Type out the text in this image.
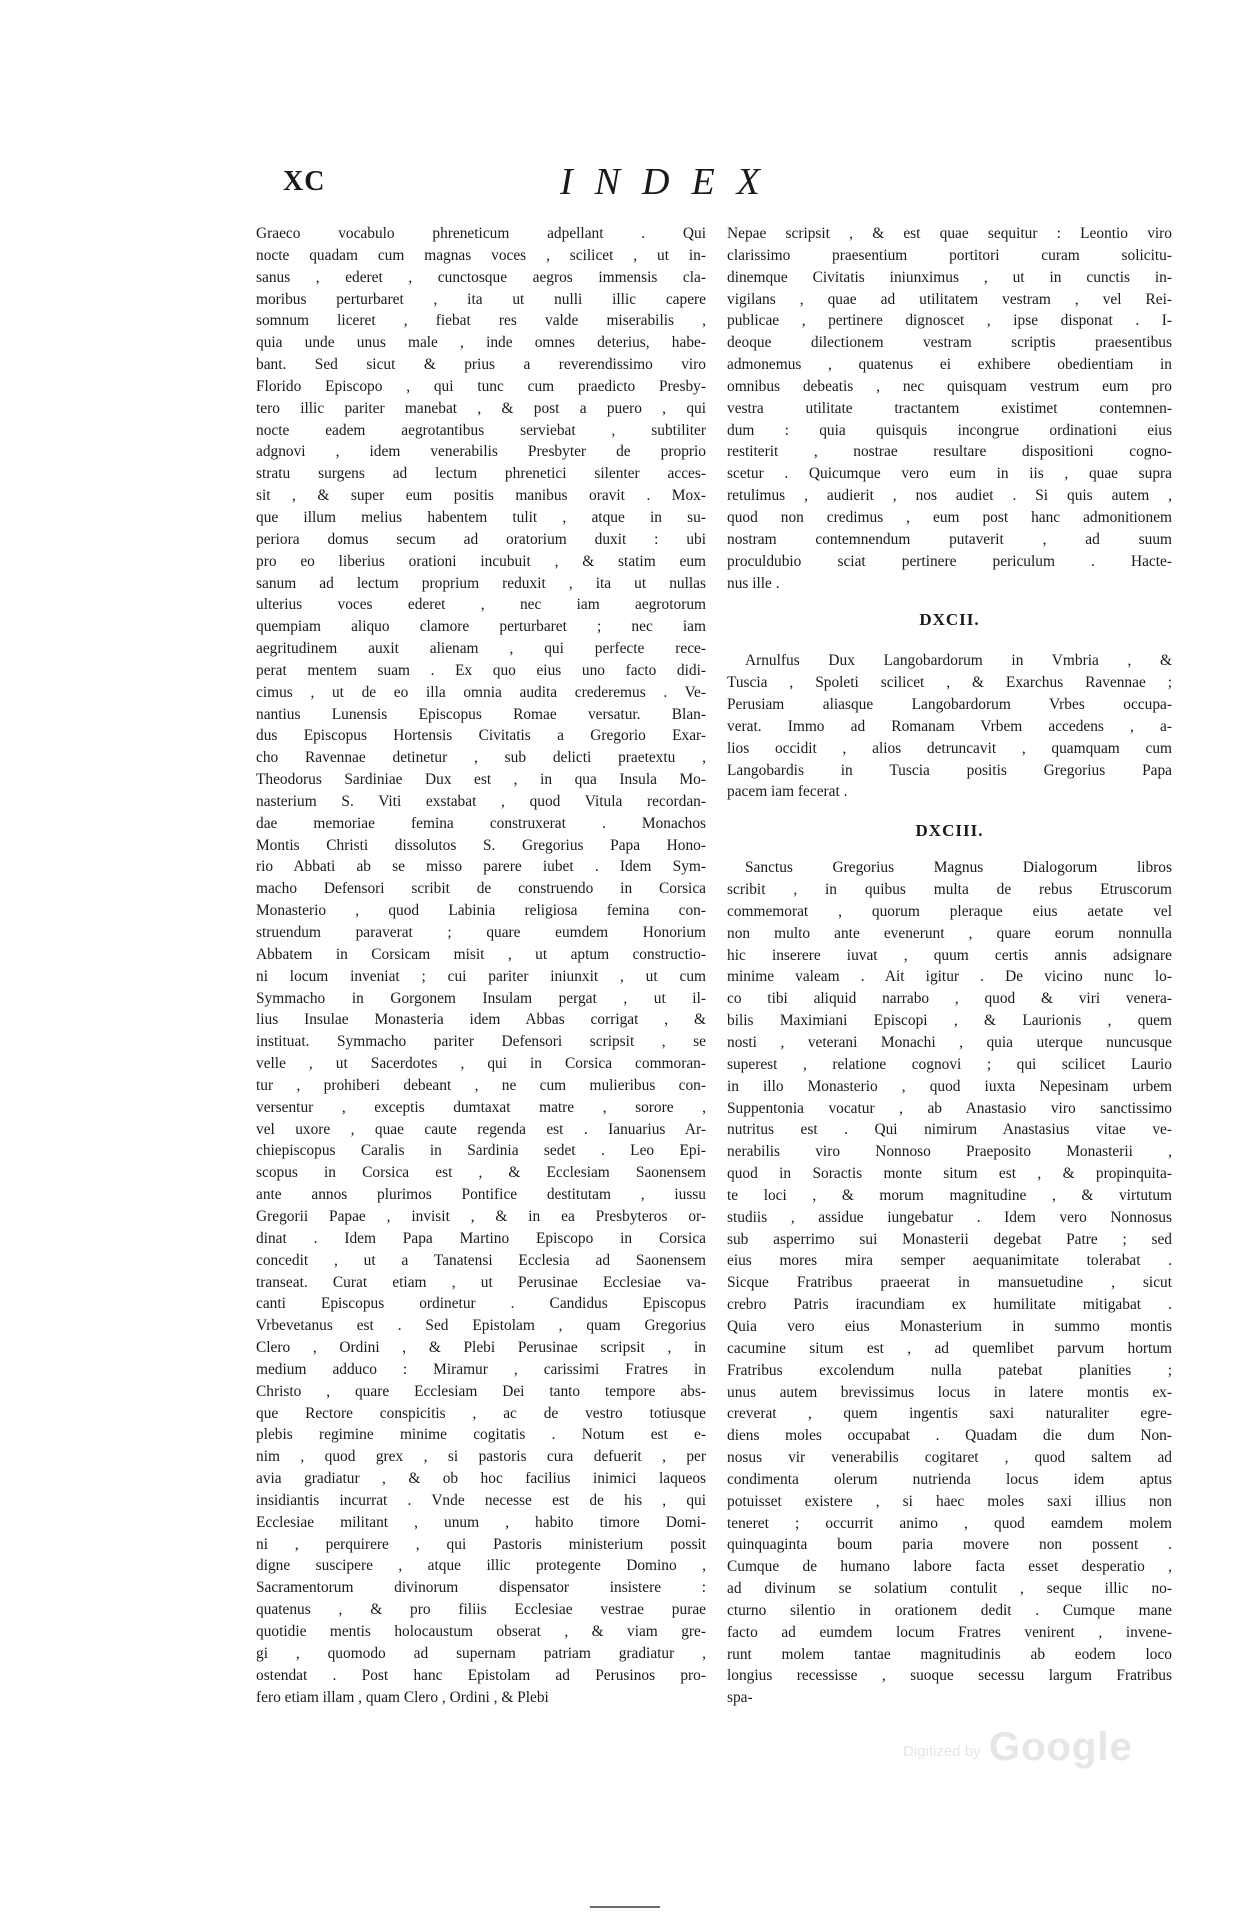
XC	INDEX
Graeco vocabulo phreneticum adpellant . Qui
nocte quadam cum magnas voces , scilicet , ut in-
sanus , ederet , cunctosque aegros immensis cla-
moribus perturbaret , ita ut nulli illic capere
somnum liceret , fiebat res valde miserabilis ,
quia unde unus male , inde omnes deterius, habe-
bant. Sed sicut & prius a reverendissimo viro
Florido Episcopo , qui tunc cum praedicto Presby-
tero illic pariter manebat , & post a puero , qui
nocte eadem aegrotantibus serviebat , subtiliter
adgnovi , idem venerabilis Presbyter de proprio
stratu surgens ad lectum phrenetici silenter acces-
sit , & super eum positis manibus oravit . Mox-
que illum melius habentem tulit , atque in su-
periora domus secum ad oratorium duxit : ubi
pro eo liberius orationi incubuit , & statim eum
sanum ad lectum proprium reduxit , ita ut nullas
ulterius voces ederet , nec iam aegrotorum
quempiam aliquo clamore perturbaret ; nec iam
aegritudinem auxit alienam , qui perfecte rece-
perat mentem suam . Ex quo eius uno facto didi-
cimus , ut de eo illa omnia audita crederemus . Ve-
nantius Lunensis Episcopus Romae versatur. Blan-
dus Episcopus Hortensis Civitatis a Gregorio Exar-
cho Ravennae detinetur , sub delicti praetextu ,
Theodorus Sardiniae Dux est , in qua Insula Mo-
nasterium S. Viti exstabat , quod Vitula recordan-
dae memoriae femina construxerat . Monachos
Montis Christi dissolutos S. Gregorius Papa Hono-
rio Abbati ab se misso parere iubet . Idem Sym-
macho Defensori scribit de construendo in Corsica
Monasterio , quod Labinia religiosa femina con-
struendum paraverat ; quare eumdem Honorium
Abbatem in Corsicam misit , ut aptum constructio-
ni locum inveniat ; cui pariter iniunxit , ut cum
Symmacho in Gorgonem Insulam pergat , ut il-
lius Insulae Monasteria idem Abbas corrigat , &
instituat. Symmacho pariter Defensori scripsit , se
velle , ut Sacerdotes , qui in Corsica commoran-
tur , prohiberi debeant , ne cum mulieribus con-
versentur , exceptis dumtaxat matre , sorore ,
vel uxore , quae caute regenda est . Ianuarius Ar-
chiepiscopus Caralis in Sardinia sedet . Leo Epi-
scopus in Corsica est , & Ecclesiam Saonensem
ante annos plurimos Pontifice destitutam , iussu
Gregorii Papae , invisit , & in ea Presbyteros or-
dinat . Idem Papa Martino Episcopo in Corsica
concedit , ut a Tanatensi Ecclesia ad Saonensem
transeat. Curat etiam , ut Perusinae Ecclesiae va-
canti Episcopus ordinetur . Candidus Episcopus
Vrbevetanus est . Sed Epistolam , quam Gregorius
Clero , Ordini , & Plebi Perusinae scripsit , in
medium adduco : Miramur , carissimi Fratres in
Christo , quare Ecclesiam Dei tanto tempore abs-
que Rectore conspicitis , ac de vestro totiusque
plebis regimine minime cogitatis . Notum est e-
nim , quod grex , si pastoris cura defuerit , per
avia gradiatur , & ob hoc facilius inimici laqueos
insidiantis incurrat . Vnde necesse est de his , qui
Ecclesiae militant , unum , habito timore Domi-
ni , perquirere , qui Pastoris ministerium possit
digne suscipere , atque illic protegente Domino ,
Sacramentorum divinorum dispensator insistere :
quatenus , & pro filiis Ecclesiae vestrae purae
quotidie mentis holocaustum obserat , & viam gre-
gi , quomodo ad supernam patriam gradiatur ,
ostendat . Post hanc Epistolam ad Perusinos pro-
fero etiam illam , quam Clero , Ordini , & Plebi
Nepae scripsit , & est quae sequitur : Leontio viro
clarissimo praesentium portitori curam solicitu-
dinemque Civitatis iniunximus , ut in cunctis in-
vigilans , quae ad utilitatem vestram , vel Rei-
publicae , pertinere dignoscet , ipse disponat . I-
deoque dilectionem vestram scriptis praesentibus
admonemus , quatenus ei exhibere obedientiam in
omnibus debeatis , nec quisquam vestrum eum pro
vestra utilitate tractantem existimet contemnen-
dum : quia quisquis incongrue ordinationi eius
restiterit , nostrae resultare dispositioni cogno-
scetur . Quicumque vero eum in iis , quae supra
retulimus , audierit , nos audiet . Si quis autem ,
quod non credimus , eum post hanc admonitionem
nostram contemnendum putaverit , ad suum
proculdubio sciat pertinere periculum . Hacte-
nus ille .
DXCII.
Arnulfus Dux Langobardorum in Vmbria , &
Tuscia , Spoleti scilicet , & Exarchus Ravennae ;
Perusiam aliasque Langobardorum Vrbes occupa-
verat. Immo ad Romanam Vrbem accedens , a-
lios occidit , alios detruncavit , quamquam cum
Langobardis in Tuscia positis Gregorius Papa
pacem iam fecerat .
DXCIII.
Sanctus Gregorius Magnus Dialogorum libros
scribit , in quibus multa de rebus Etruscorum
commemorat , quorum pleraque eius aetate vel
non multo ante evenerunt , quare eorum nonnulla
hic inserere iuvat , quum certis annis adsignare
minime valeam . Ait igitur . De vicino nunc lo-
co tibi aliquid narrabo , quod & viri venera-
bilis Maximiani Episcopi , & Laurionis , quem
nosti , veterani Monachi , quia uterque nuncusque
superest , relatione cognovi ; qui scilicet Laurio
in illo Monasterio , quod iuxta Nepesinam urbem
Suppentonia vocatur , ab Anastasio viro sanctissimo
nutritus est . Qui nimirum Anastasius vitae ve-
nerabilis viro Nonnoso Praeposito Monasterii ,
quod in Soractis monte situm est , & propinquita-
te loci , & morum magnitudine , & virtutum
studiis , assidue iungebatur . Idem vero Nonnosus
sub asperrimo sui Monasterii degebat Patre ; sed
eius mores mira semper aequanimitate tolerabat .
Sicque Fratribus praeerat in mansuetudine , sicut
crebro Patris iracundiam ex humilitate mitigabat .
Quia vero eius Monasterium in summo montis
cacumine situm est , ad quemlibet parvum hortum
Fratribus excolendum nulla patebat planities ;
unus autem brevissimus locus in latere montis ex-
creverat , quem ingentis saxi naturaliter egre-
diens moles occupabat . Quadam die dum Non-
nosus vir venerabilis cogitaret , quod saltem ad
condimenta olerum nutrienda locus idem aptus
potuisset existere , si haec moles saxi illius non
teneret ; occurrit animo , quod eamdem molem
quinquaginta boum paria movere non possent .
Cumque de humano labore facta esset desperatio ,
ad divinum se solatium contulit , seque illic no-
cturno silentio in orationem dedit . Cumque mane
facto ad eumdem locum Fratres venirent , invene-
runt molem tantae magnitudinis ab eodem loco
longius recessisse , suoque secessu largum Fratribus
spa-
Digitized by Google
